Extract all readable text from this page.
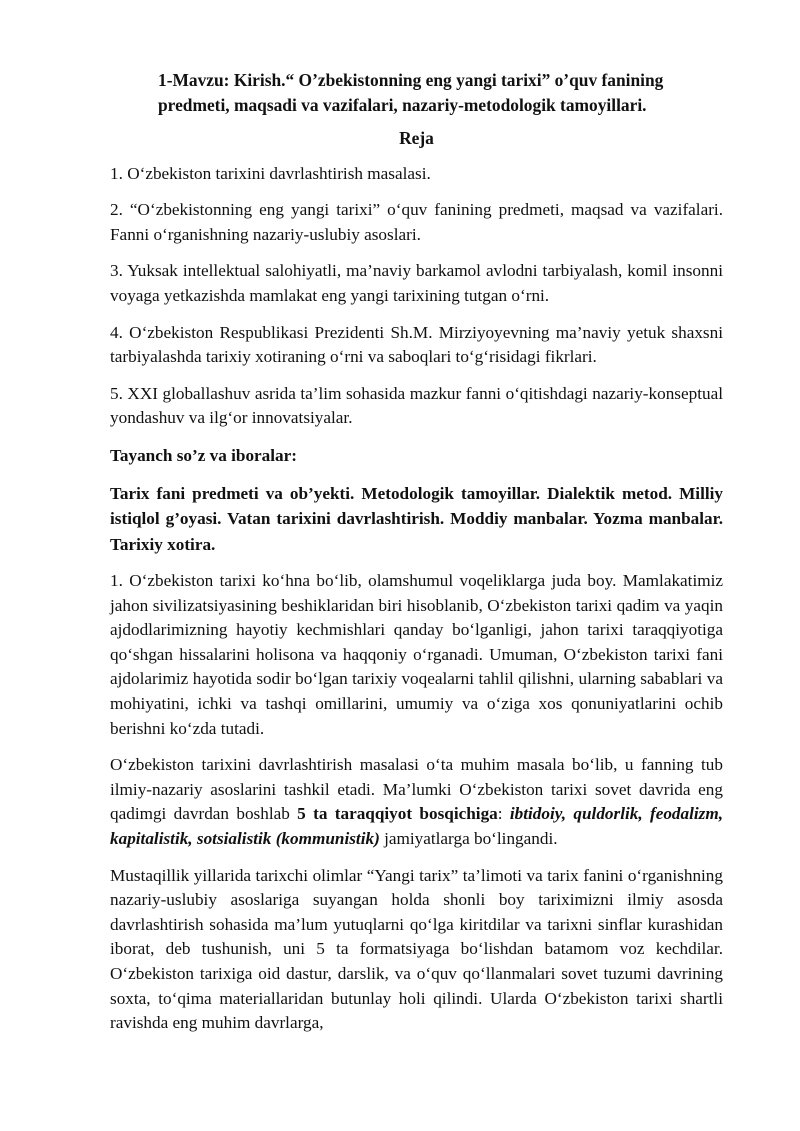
1-Mavzu: Kirish.“ O’zbekistonning eng yangi tarixi” o’quv fanining predmeti, maqsadi va vazifalari, nazariy-metodologik tamoyillari.

Reja

1. O‘zbekiston tarixini davrlashtirish masalasi.

2. “O‘zbekistonning eng yangi tarixi” o‘quv fanining predmeti, maqsad va vazifalari. Fanni o‘rganishning nazariy-uslubiy asoslari.

3. Yuksak intellektual salohiyatli, ma’naviy barkamol avlodni tarbiyalash, komil insonni voyaga yetkazishda mamlakat eng yangi tarixining tutgan o‘rni.

4. O‘zbekiston Respublikasi Prezidenti Sh.M. Mirziyoyevning ma’naviy yetuk shaxsni tarbiyalashda tarixiy xotiraning o‘rni va saboqlari to‘g‘risidagi fikrlari.

5. XXI globallashuv asrida ta’lim sohasida mazkur fanni o‘qitishdagi nazariy-konseptual yondashuv va ilg‘or innovatsiyalar.

Tayanch so’z va iboralar:

Tarix fani predmeti va ob’yekti. Metodologik tamoyillar. Dialektik metod. Milliy istiqlol g’oyasi. Vatan tarixini davrlashtirish. Moddiy manbalar. Yozma manbalar. Tarixiy xotira.

1. O‘zbekiston tarixi ko‘hna bo‘lib, olamshumul voqeliklarga juda boy. Mamlakatimiz jahon sivilizatsiyasining beshiklaridan biri hisoblanib, O‘zbekiston tarixi qadim va yaqin ajdodlarimizning hayotiy kechmishlari qanday bo‘lganligi, jahon tarixi taraqqiyotiga qo‘shgan hissalarini holisona va haqqoniy o‘rganadi. Umuman, O‘zbekiston tarixi fani ajdolarimiz hayotida sodir bo‘lgan tarixiy voqealarni tahlil qilishni, ularning sabablari va mohiyatini, ichki va tashqi omillarini, umumiy va o‘ziga xos qonuniyatlarini ochib berishni ko‘zda tutadi.

O‘zbekiston tarixini davrlashtirish masalasi o‘ta muhim masala bo‘lib, u fanning tub ilmiy-nazariy asoslarini tashkil etadi. Ma’lumki O‘zbekiston tarixi sovet davrida eng qadimgi davrdan boshlab 5 ta taraqqiyot bosqichiga: ibtidoiy, quldorlik, feodalizm, kapitalistik, sotsialistik (kommunistik) jamiyatlarga bo‘lingandi.

Mustaqillik yillarida tarixchi olimlar “Yangi tarix” ta’limoti va tarix fanini o‘rganishning nazariy-uslubiy asoslariga suyangan holda shonli boy tariximizni ilmiy asosda davrlashtirish sohasida ma’lum yutuqlarni qo‘lga kiritdilar va tarixni sinflar kurashidan iborat, deb tushunish, uni 5 ta formatsiyaga bo‘lishdan batamom voz kechdilar. O‘zbekiston tarixiga oid dastur, darslik, va o‘quv qo‘llanmalari sovet tuzumi davrining soxta, to‘qima materiallaridan butunlay holi qilindi. Ularda O‘zbekiston tarixi shartli ravishda eng muhim davrlarga,
